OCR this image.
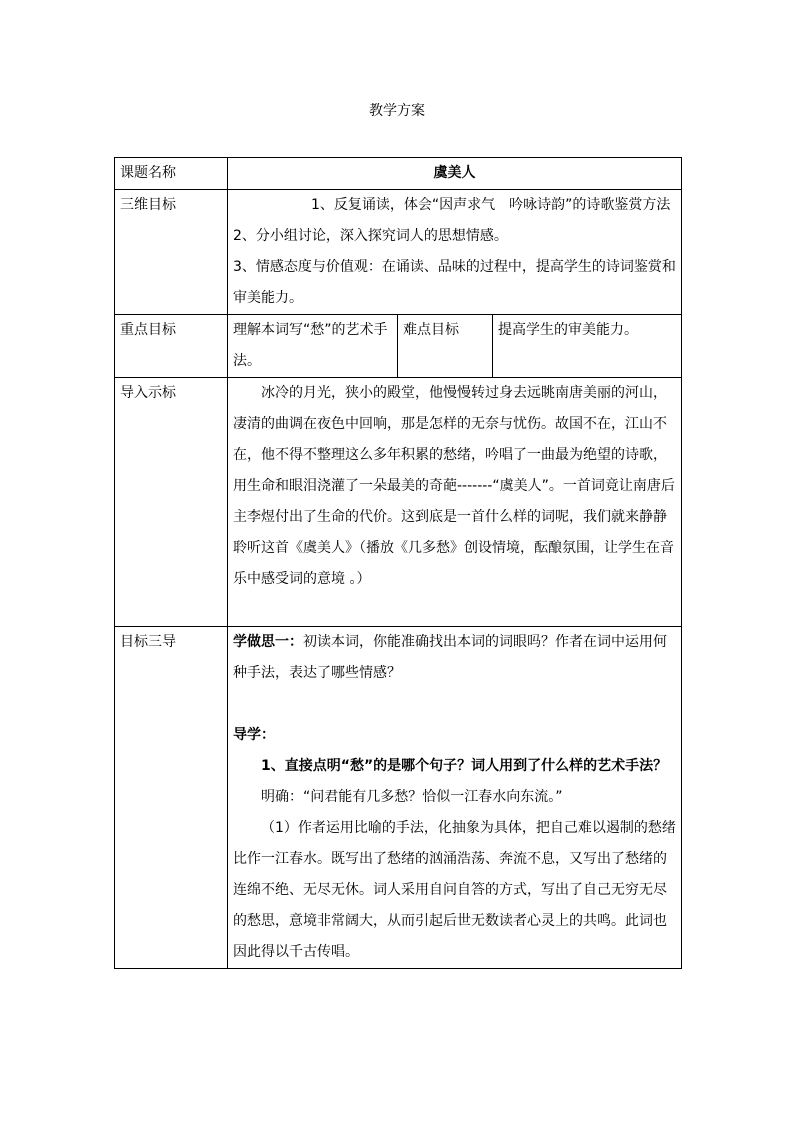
教学方案
课题名称	虞美人		
三维目标	1、反复诵读，体会“因声求气　吟咏诗韵”的诗歌鉴赏方法

2、分小组讨论，深入探究词人的思想情感。

3、情感态度与价值观：在诵读、品味的过程中，提高学生的诗词鉴赏和审美能力。		

重点目标	理解本词写“愁”的艺术手法。	难点目标	提高学生的审美能力。
导入示标	冰冷的月光，狭小的殿堂，他慢慢转过身去远眺南唐美丽的河山，凄清的曲调在夜色中回响，那是怎样的无奈与忧伤。故国不在，江山不在，他不得不整理这么多年积累的愁绪，吟唱了一曲最为绝望的诗歌，用生命和眼泪浇灌了一朵最美的奇葩-------“虞美人”。一首词竟让南唐后主李煜付出了生命的代价。这到底是一首什么样的词呢，我们就来静静聆听这首《虞美人》（播放《几多愁》创设情境，酝酿氛围，让学生在音乐中感受词的意境 。）		

目标三导	学做思一：初读本词，你能准确找出本词的词眼吗？作者在词中运用何种手法，表达了哪些情感？

导学：

1、直接点明“愁”的是哪个句子？词人用到了什么样的艺术手法？

明确：“问君能有几多愁？恰似一江春水向东流。”

（1）作者运用比喻的手法，化抽象为具体，把自己难以遏制的愁绪比作一江春水。既写出了愁绪的汹涌浩荡、奔流不息，又写出了愁绪的连绵不绝、无尽无休。词人采用自问自答的方式，写出了自己无穷无尽的愁思，意境非常阔大，从而引起后世无数读者心灵上的共鸣。此词也因此得以千古传唱。		
